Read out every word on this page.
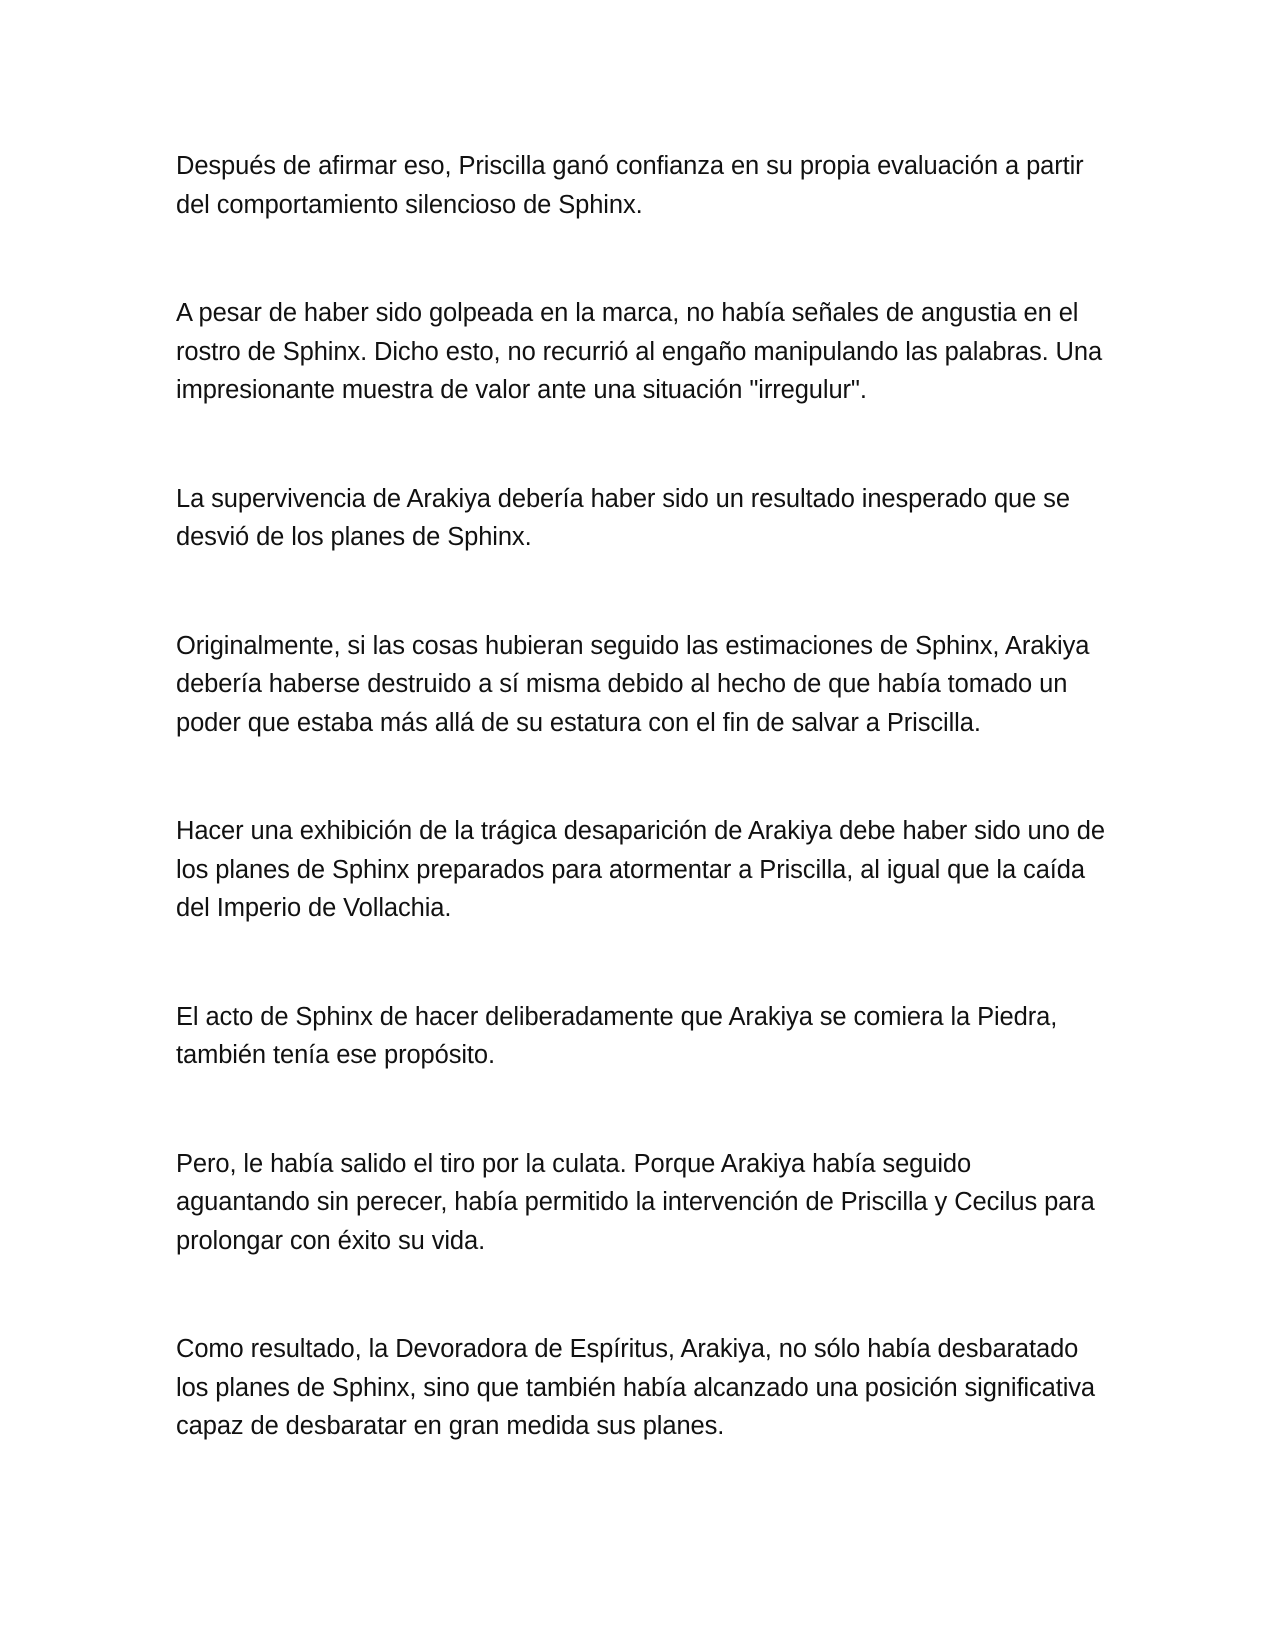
Después de afirmar eso, Priscilla ganó confianza en su propia evaluación a partir del comportamiento silencioso de Sphinx.

A pesar de haber sido golpeada en la marca, no había señales de angustia en el rostro de Sphinx. Dicho esto, no recurrió al engaño manipulando las palabras. Una impresionante muestra de valor ante una situación "irregulur".

La supervivencia de Arakiya debería haber sido un resultado inesperado que se desvió de los planes de Sphinx.

Originalmente, si las cosas hubieran seguido las estimaciones de Sphinx, Arakiya debería haberse destruido a sí misma debido al hecho de que había tomado un poder que estaba más allá de su estatura con el fin de salvar a Priscilla.

Hacer una exhibición de la trágica desaparición de Arakiya debe haber sido uno de los planes de Sphinx preparados para atormentar a Priscilla, al igual que la caída del Imperio de Vollachia.

El acto de Sphinx de hacer deliberadamente que Arakiya se comiera la Piedra, también tenía ese propósito.

Pero, le había salido el tiro por la culata. Porque Arakiya había seguido aguantando sin perecer, había permitido la intervención de Priscilla y Cecilus para prolongar con éxito su vida.

Como resultado, la Devoradora de Espíritus, Arakiya, no sólo había desbaratado los planes de Sphinx, sino que también había alcanzado una posición significativa capaz de desbaratar en gran medida sus planes.
